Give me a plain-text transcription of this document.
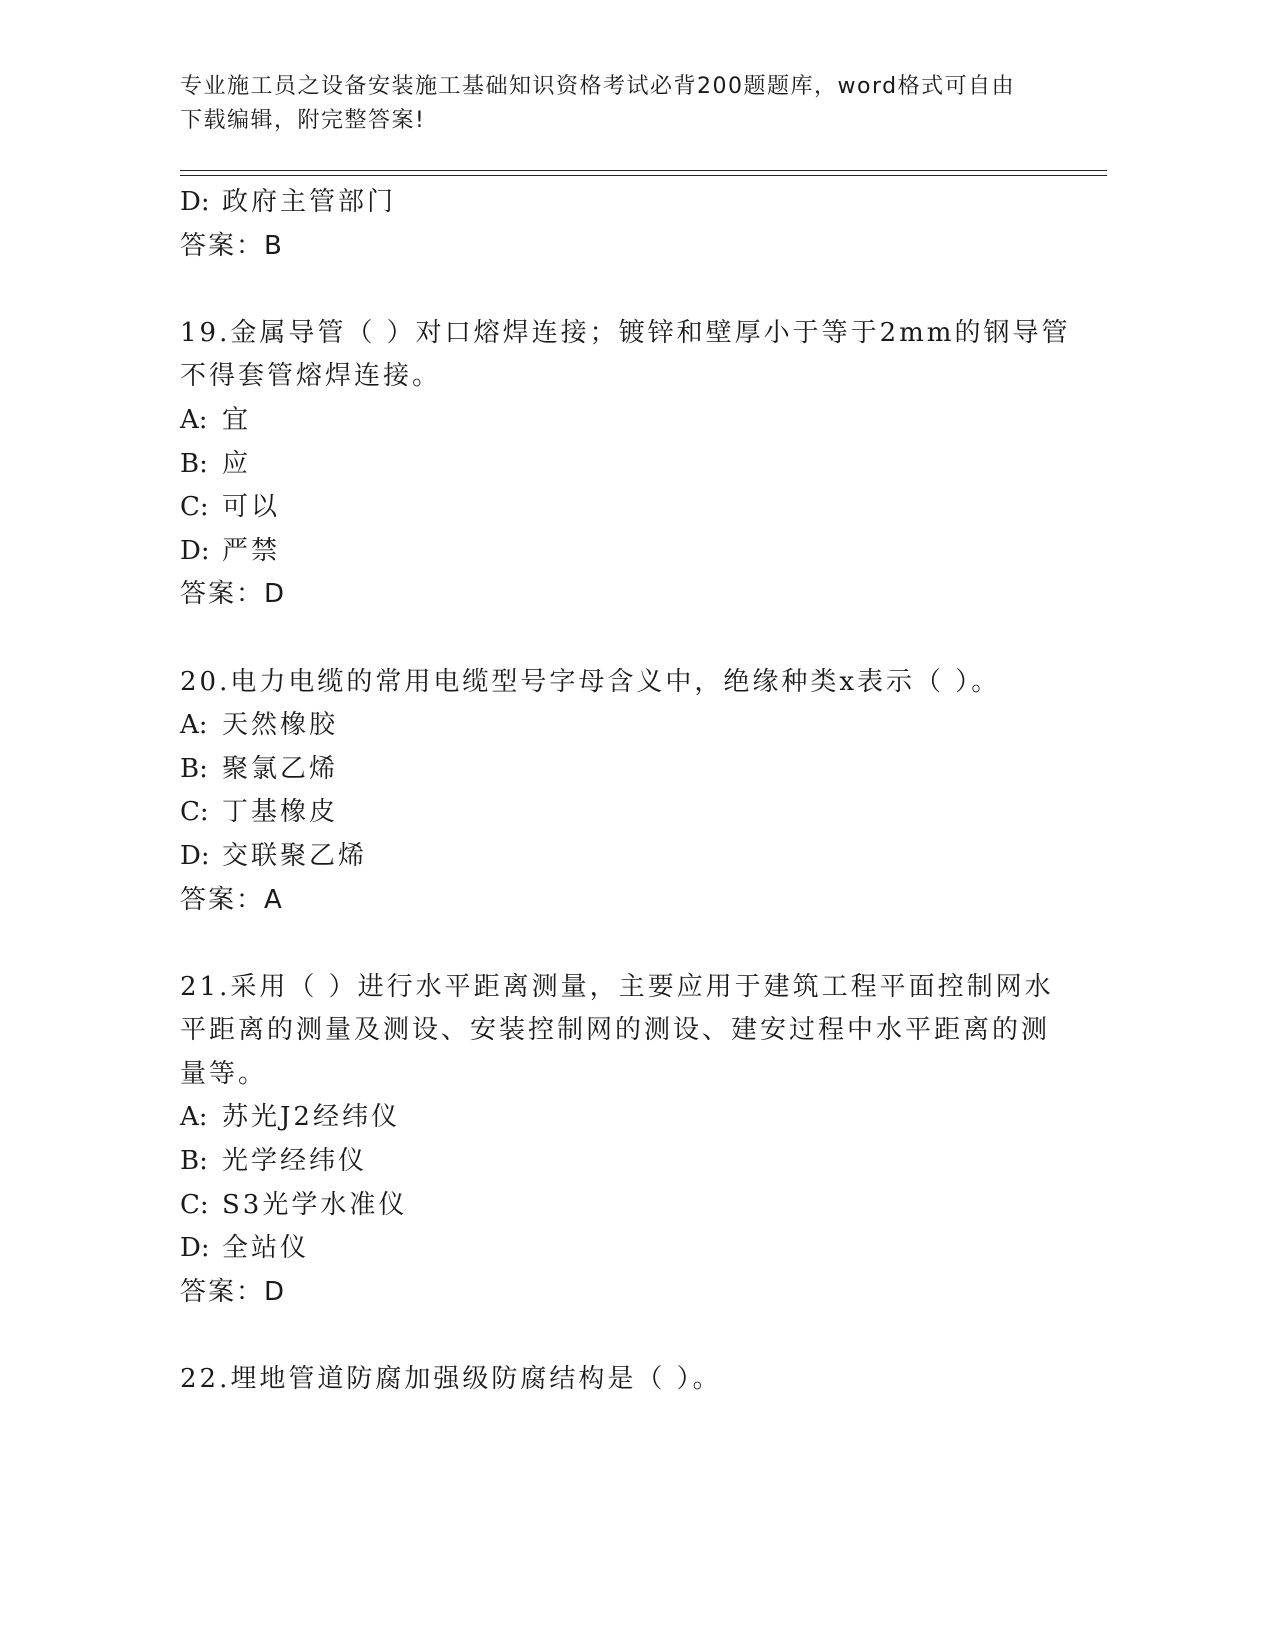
专业施工员之设备安装施工基础知识资格考试必背200题题库，word格式可自由
下载编辑，附完整答案!
D: 政府主管部门
答案：B
19.金属导管（ ）对口熔焊连接；镀锌和壁厚小于等于2mm的钢导管
不得套管熔焊连接。
A: 宜
B: 应
C: 可以
D: 严禁
答案：D
20.电力电缆的常用电缆型号字母含义中，绝缘种类x表示（ ）。
A: 天然橡胶
B: 聚氯乙烯
C: 丁基橡皮
D: 交联聚乙烯
答案：A
21.采用（ ）进行水平距离测量，主要应用于建筑工程平面控制网水
平距离的测量及测设、安装控制网的测设、建安过程中水平距离的测
量等。
A: 苏光J2经纬仪
B: 光学经纬仪
C: S3光学水准仪
D: 全站仪
答案：D
22.埋地管道防腐加强级防腐结构是（ ）。
